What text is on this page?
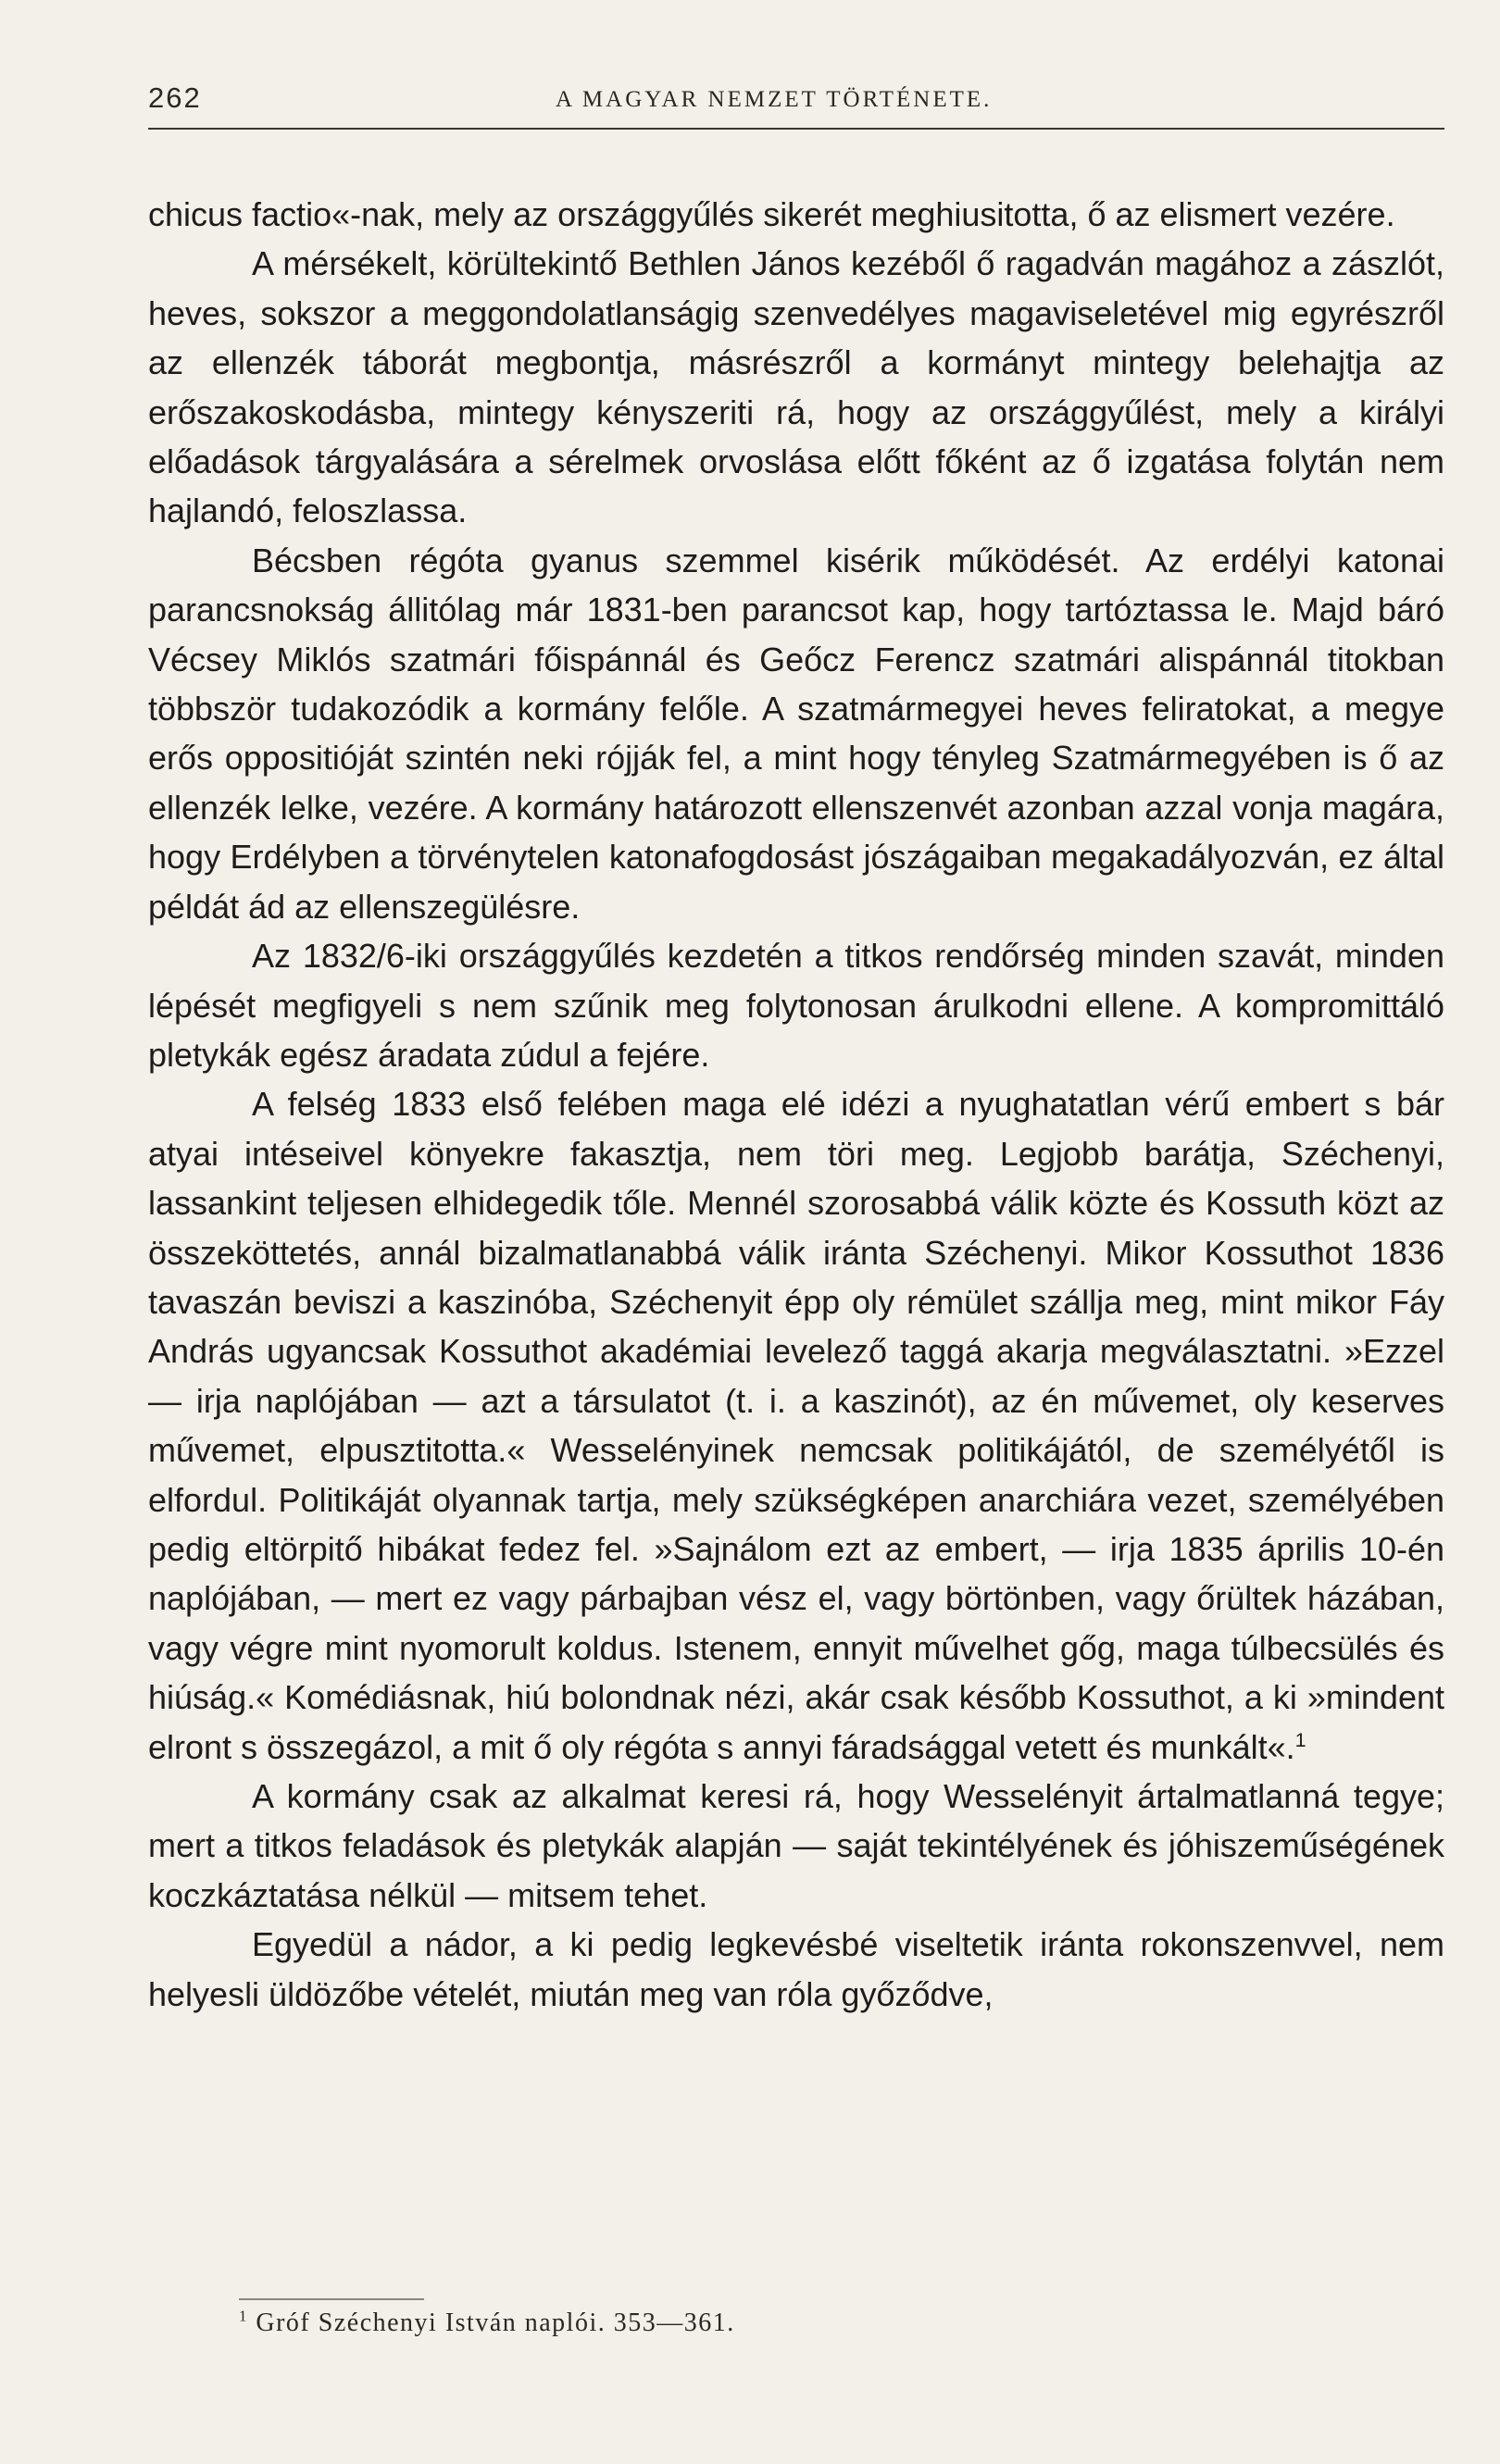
262	A MAGYAR NEMZET TÖRTÉNETE.

chicus factio«-nak, mely az országgyűlés sikerét meghiusitotta, ő az elismert vezére.

A mérsékelt, körültekintő Bethlen János kezéből ő ragadván magához a zászlót, heves, sokszor a meggondolatlanságig szenvedélyes magaviseletével mig egyrészről az ellenzék táborát megbontja, másrészről a kormányt mintegy belehajtja az erőszakoskodásba, mintegy kényszeriti rá, hogy az országgyűlést, mely a királyi előadások tárgyalására a sérelmek orvoslása előtt főként az ő izgatása folytán nem hajlandó, feloszlassa.

Bécsben régóta gyanus szemmel kisérik működését. Az erdélyi katonai parancsnokság állitólag már 1831-ben parancsot kap, hogy tartóztassa le. Majd báró Vécsey Miklós szatmári főispánnál és Geőcz Ferencz szatmári alispánnál titokban többször tudakozódik a kormány felőle. A szatmármegyei heves feliratokat, a megye erős oppositióját szintén neki rójják fel, a mint hogy tényleg Szatmármegyében is ő az ellenzék lelke, vezére. A kormány határozott ellenszenvét azonban azzal vonja magára, hogy Erdélyben a törvénytelen katonafogdosást jószágaiban megakadályozván, ez által példát ád az ellenszegülésre.

Az 1832/6-iki országgyűlés kezdetén a titkos rendőrség minden szavát, minden lépését megfigyeli s nem szűnik meg folytonosan árulkodni ellene. A kompromittáló pletykák egész áradata zúdul a fejére.

A felség 1833 első felében maga elé idézi a nyughatatlan vérű embert s bár atyai intéseivel könyekre fakasztja, nem töri meg. Legjobb barátja, Széchenyi, lassankint teljesen elhidegedik tőle. Mennél szorosabbá válik közte és Kossuth közt az összeköttetés, annál bizalmatlanabbá válik iránta Széchenyi. Mikor Kossuthot 1836 tavaszán beviszi a kaszinóba, Széchenyit épp oly rémület szállja meg, mint mikor Fáy András ugyancsak Kossuthot akadémiai levelező taggá akarja megválasztatni. »Ezzel — irja naplójában — azt a társulatot (t. i. a kaszinót), az én művemet, oly keserves művemet, elpusztitotta.« Wesselényinek nemcsak politikájától, de személyétől is elfordul. Politikáját olyannak tartja, mely szükségképen anarchiára vezet, személyében pedig eltörpitő hibákat fedez fel. »Sajnálom ezt az embert, — irja 1835 április 10-én naplójában, — mert ez vagy párbajban vész el, vagy börtönben, vagy őrültek házában, vagy végre mint nyomorult koldus. Istenem, ennyit művelhet gőg, maga túlbecsülés és hiúság.« Komédiásnak, hiú bolondnak nézi, akár csak később Kossuthot, a ki »mindent elront s összegázol, a mit ő oly régóta s annyi fáradsággal vetett és munkált«.$^1$

A kormány csak az alkalmat keresi rá, hogy Wesselényit ártalmatlanná tegye; mert a titkos feladások és pletykák alapján — saját tekintélyének és jóhiszeműségének koczkáztatása nélkül — mitsem tehet.

Egyedül a nádor, a ki pedig legkevésbé viseltetik iránta rokonszenvvel, nem helyesli üldözőbe vételét, miután meg van róla győződve,

$^1$ Gróf Széchenyi István naplói. 353—361.
